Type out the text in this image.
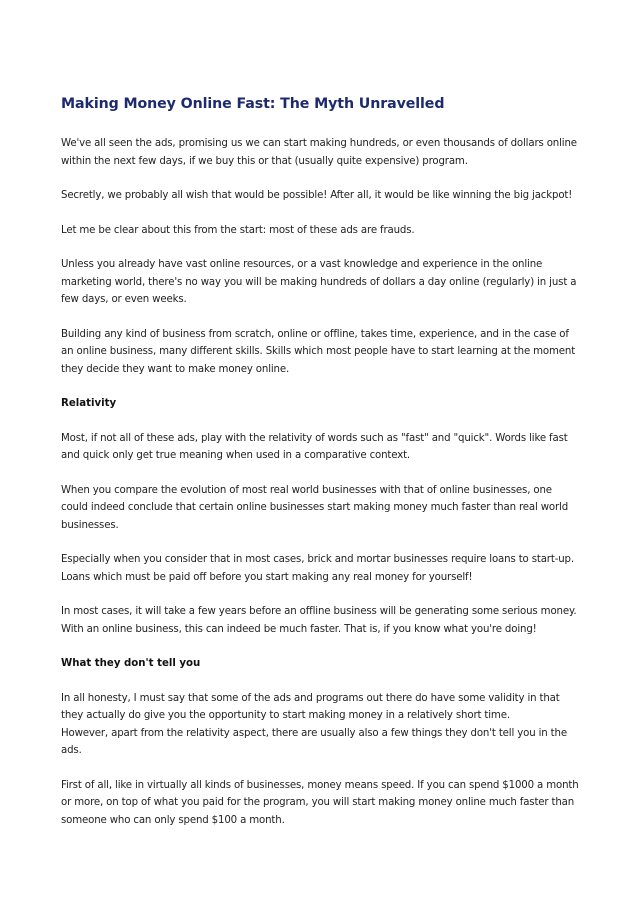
Making Money Online Fast: The Myth Unravelled
We've all seen the ads, promising us we can start making hundreds, or even thousands of dollars online
within the next few days, if we buy this or that (usually quite expensive) program.
Secretly, we probably all wish that would be possible! After all, it would be like winning the big jackpot!
Let me be clear about this from the start: most of these ads are frauds.
Unless you already have vast online resources, or a vast knowledge and experience in the online
marketing world, there's no way you will be making hundreds of dollars a day online (regularly) in just a
few days, or even weeks.
Building any kind of business from scratch, online or offline, takes time, experience, and in the case of
an online business, many different skills. Skills which most people have to start learning at the moment
they decide they want to make money online.
Relativity
Most, if not all of these ads, play with the relativity of words such as "fast" and "quick". Words like fast
and quick only get true meaning when used in a comparative context.
When you compare the evolution of most real world businesses with that of online businesses, one
could indeed conclude that certain online businesses start making money much faster than real world
businesses.
Especially when you consider that in most cases, brick and mortar businesses require loans to start-up.
Loans which must be paid off before you start making any real money for yourself!
In most cases, it will take a few years before an offline business will be generating some serious money.
With an online business, this can indeed be much faster. That is, if you know what you're doing!
What they don't tell you
In all honesty, I must say that some of the ads and programs out there do have some validity in that
they actually do give you the opportunity to start making money in a relatively short time.
However, apart from the relativity aspect, there are usually also a few things they don't tell you in the
ads.
First of all, like in virtually all kinds of businesses, money means speed. If you can spend $1000 a month
or more, on top of what you paid for the program, you will start making money online much faster than
someone who can only spend $100 a month.
